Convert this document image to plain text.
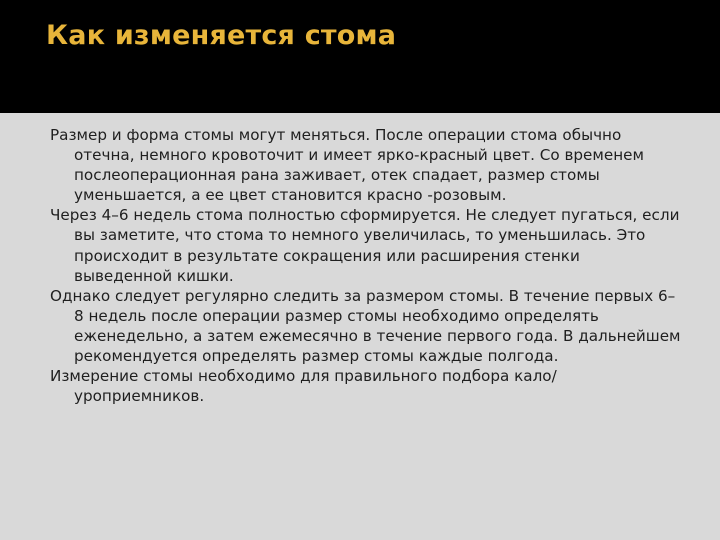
Как изменяется стома

Размер и форма стомы могут меняться. После операции стома обычно отечна, немного кровоточит и имеет ярко-красный цвет. Со временем послеоперационная рана заживает, отек спадает, размер стомы уменьшается, а ее цвет становится красно -розовым.

Через 4–6 недель стома полностью сформируется. Не следует пугаться, если вы заметите, что стома то немного увеличилась, то уменьшилась. Это происходит в результате сокращения или расширения стенки выведенной кишки.

Однако следует регулярно следить за размером стомы. В течение первых 6–8 недель после операции размер стомы необходимо определять еженедельно, а затем ежемесячно в течение первого года. В дальнейшем рекомендуется определять размер стомы каждые полгода.

Измерение стомы необходимо для правильного подбора кало/уроприемников.
